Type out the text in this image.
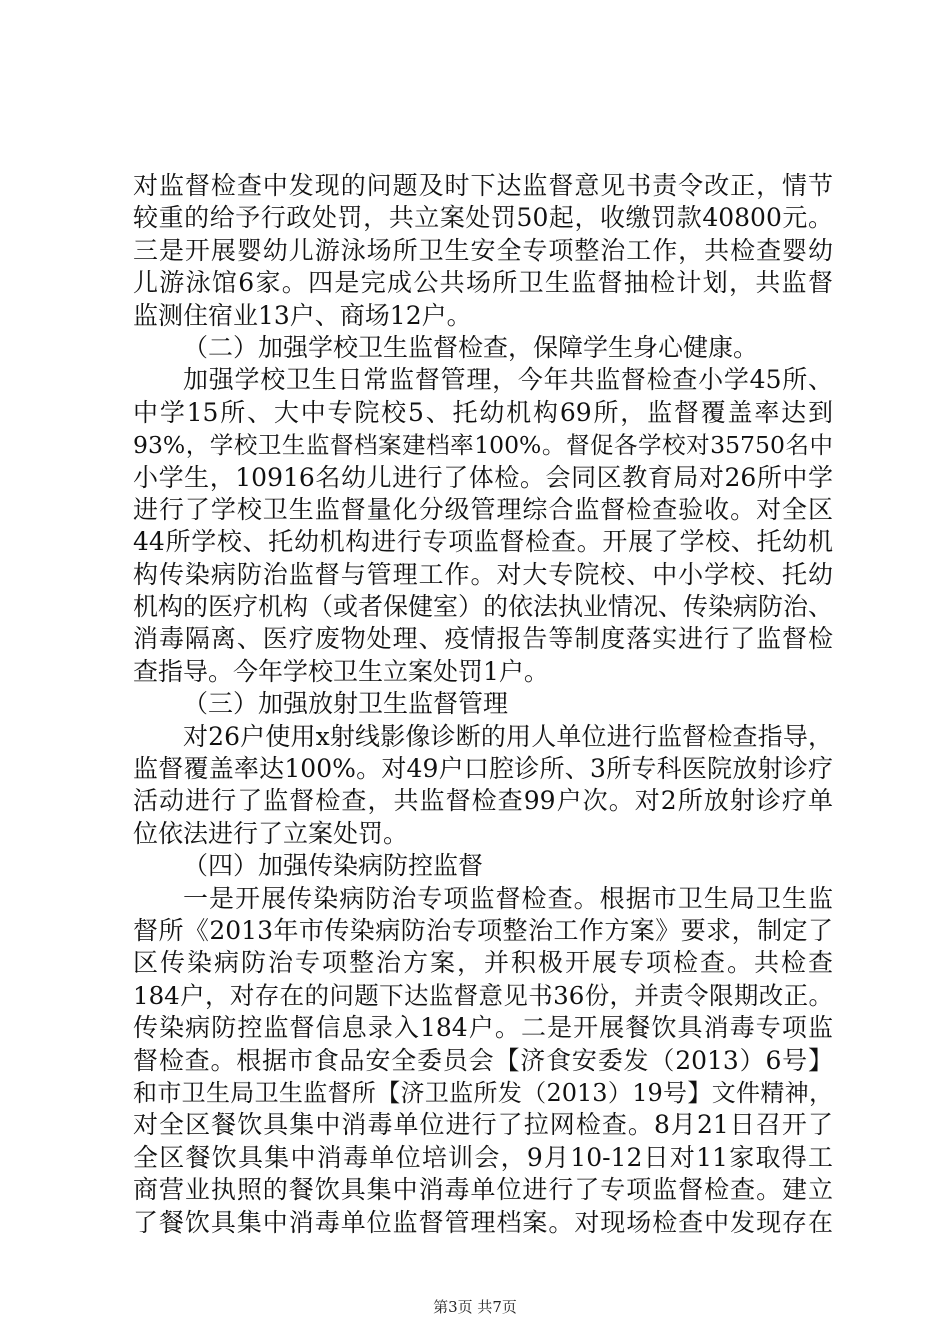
对监督检查中发现的问题及时下达监督意见书责令改正，情节
较重的给予行政处罚，共立案处罚50起，收缴罚款40800元。
三是开展婴幼儿游泳场所卫生安全专项整治工作，共检查婴幼
儿游泳馆6家。四是完成公共场所卫生监督抽检计划，共监督
监测住宿业13户、商场12户。
（二）加强学校卫生监督检查，保障学生身心健康。
加强学校卫生日常监督管理，今年共监督检查小学45所、
中学15所、大中专院校5、托幼机构69所，监督覆盖率达到
93%，学校卫生监督档案建档率100%。督促各学校对35750名中
小学生，10916名幼儿进行了体检。会同区教育局对26所中学
进行了学校卫生监督量化分级管理综合监督检查验收。对全区
44所学校、托幼机构进行专项监督检查。开展了学校、托幼机
构传染病防治监督与管理工作。对大专院校、中小学校、托幼
机构的医疗机构（或者保健室）的依法执业情况、传染病防治、
消毒隔离、医疗废物处理、疫情报告等制度落实进行了监督检
查指导。今年学校卫生立案处罚1户。
（三）加强放射卫生监督管理
对26户使用x射线影像诊断的用人单位进行监督检查指导，
监督覆盖率达100%。对49户口腔诊所、3所专科医院放射诊疗
活动进行了监督检查，共监督检查99户次。对2所放射诊疗单
位依法进行了立案处罚。
（四）加强传染病防控监督
一是开展传染病防治专项监督检查。根据市卫生局卫生监
督所《2013年市传染病防治专项整治工作方案》要求，制定了
区传染病防治专项整治方案，并积极开展专项检查。共检查
184户，对存在的问题下达监督意见书36份，并责令限期改正。
传染病防控监督信息录入184户。二是开展餐饮具消毒专项监
督检查。根据市食品安全委员会【济食安委发（2013）6号】
和市卫生局卫生监督所【济卫监所发（2013）19号】文件精神，
对全区餐饮具集中消毒单位进行了拉网检查。8月21日召开了
全区餐饮具集中消毒单位培训会，9月10-12日对11家取得工
商营业执照的餐饮具集中消毒单位进行了专项监督检查。建立
了餐饮具集中消毒单位监督管理档案。对现场检查中发现存在
第3页 共7页
